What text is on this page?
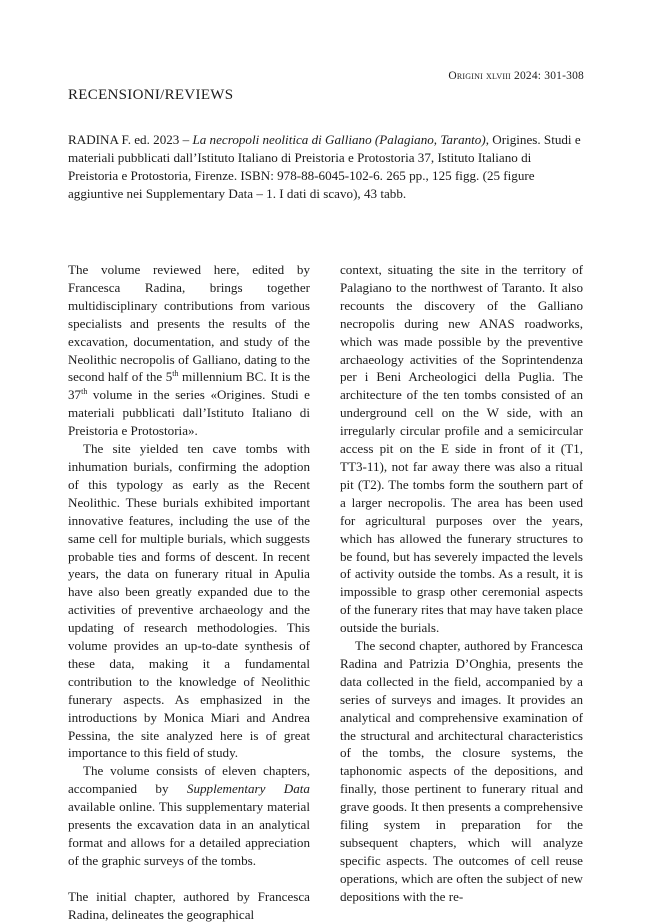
Origini xlviii 2024: 301-308
RECENSIONI/REVIEWS
RADINA F. ed. 2023 – La necropoli neolitica di Galliano (Palagiano, Taranto), Origines. Studi e materiali pubblicati dall’Istituto Italiano di Preistoria e Protostoria 37, Istituto Italiano di Preistoria e Protostoria, Firenze. ISBN: 978-88-6045-102-6. 265 pp., 125 figg. (25 figure aggiuntive nei Supplementary Data – 1. I dati di scavo), 43 tabb.

The volume reviewed here, edited by Francesca Radina, brings together multidisciplinary contributions from various specialists and presents the results of the excavation, documentation, and study of the Neolithic necropolis of Galliano, dating to the second half of the 5th millennium BC. It is the 37th volume in the series «Origines. Studi e materiali pubblicati dall’Istituto Italiano di Preistoria e Protostoria».

The site yielded ten cave tombs with inhumation burials, confirming the adoption of this typology as early as the Recent Neolithic. These burials exhibited important innovative features, including the use of the same cell for multiple burials, which suggests probable ties and forms of descent. In recent years, the data on funerary ritual in Apulia have also been greatly expanded due to the activities of preventive archaeology and the updating of research methodologies. This volume provides an up-to-date synthesis of these data, making it a fundamental contribution to the knowledge of Neolithic funerary aspects. As emphasized in the introductions by Monica Miari and Andrea Pessina, the site analyzed here is of great importance to this field of study.

The volume consists of eleven chapters, accompanied by Supplementary Data available online. This supplementary material presents the excavation data in an analytical format and allows for a detailed appreciation of the graphic surveys of the tombs.

The initial chapter, authored by Francesca Radina, delineates the geographical

context, situating the site in the territory of Palagiano to the northwest of Taranto. It also recounts the discovery of the Galliano necropolis during new ANAS roadworks, which was made possible by the preventive archaeology activities of the Soprintendenza per i Beni Archeologici della Puglia. The architecture of the ten tombs consisted of an underground cell on the W side, with an irregularly circular profile and a semicircular access pit on the E side in front of it (T1, TT3-11), not far away there was also a ritual pit (T2). The tombs form the southern part of a larger necropolis. The area has been used for agricultural purposes over the years, which has allowed the funerary structures to be found, but has severely impacted the levels of activity outside the tombs. As a result, it is impossible to grasp other ceremonial aspects of the funerary rites that may have taken place outside the burials.

The second chapter, authored by Francesca Radina and Patrizia D’Onghia, presents the data collected in the field, accompanied by a series of surveys and images. It provides an analytical and comprehensive examination of the structural and architectural characteristics of the tombs, the closure systems, the taphonomic aspects of the depositions, and finally, those pertinent to funerary ritual and grave goods. It then presents a comprehensive filing system in preparation for the subsequent chapters, which will analyze specific aspects. The outcomes of cell reuse operations, which are often the subject of new depositions with the re-
